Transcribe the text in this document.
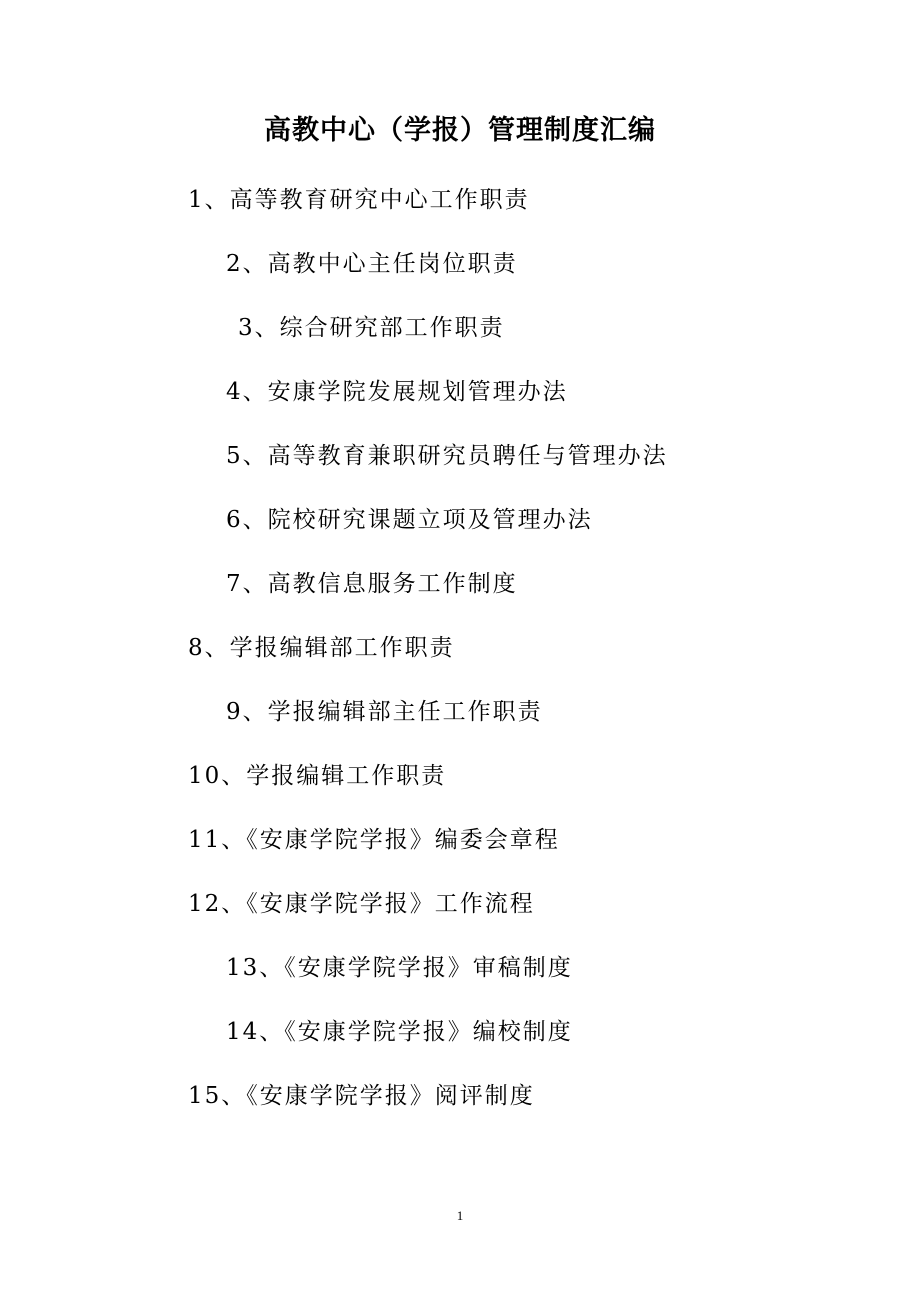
高教中心（学报）管理制度汇编
1、高等教育研究中心工作职责
2、高教中心主任岗位职责
3、综合研究部工作职责
4、安康学院发展规划管理办法
5、高等教育兼职研究员聘任与管理办法
6、院校研究课题立项及管理办法
7、高教信息服务工作制度
8、学报编辑部工作职责
9、学报编辑部主任工作职责
10、学报编辑工作职责
11、《安康学院学报》编委会章程
12、《安康学院学报》工作流程
13、《安康学院学报》审稿制度
14、《安康学院学报》编校制度
15、《安康学院学报》阅评制度
1
